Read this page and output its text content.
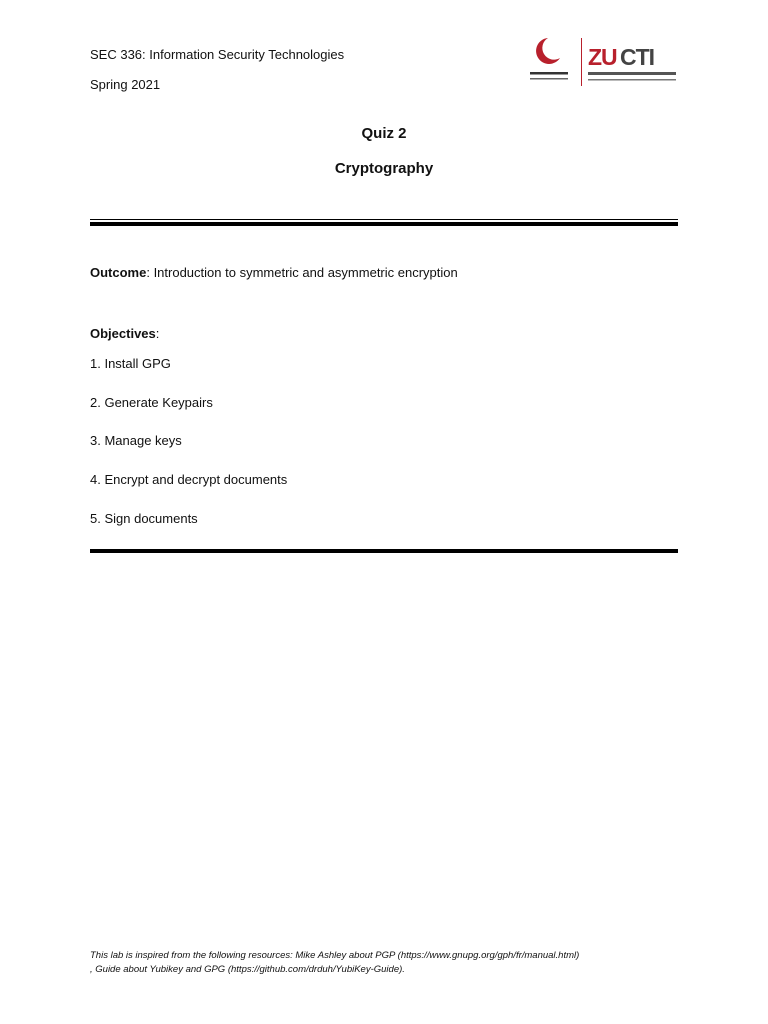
SEC 336: Information Security Technologies
Spring 2021
ZU CTI
Quiz 2
Cryptography
Outcome: Introduction to symmetric and asymmetric encryption
Objectives:
1. Install GPG
2. Generate Keypairs
3. Manage keys
4. Encrypt and decrypt documents
5. Sign documents
This lab is inspired from the following resources: Mike Ashley about PGP (https://www.gnupg.org/gph/fr/manual.html)
, Guide about Yubikey and GPG (https://github.com/drduh/YubiKey-Guide).
